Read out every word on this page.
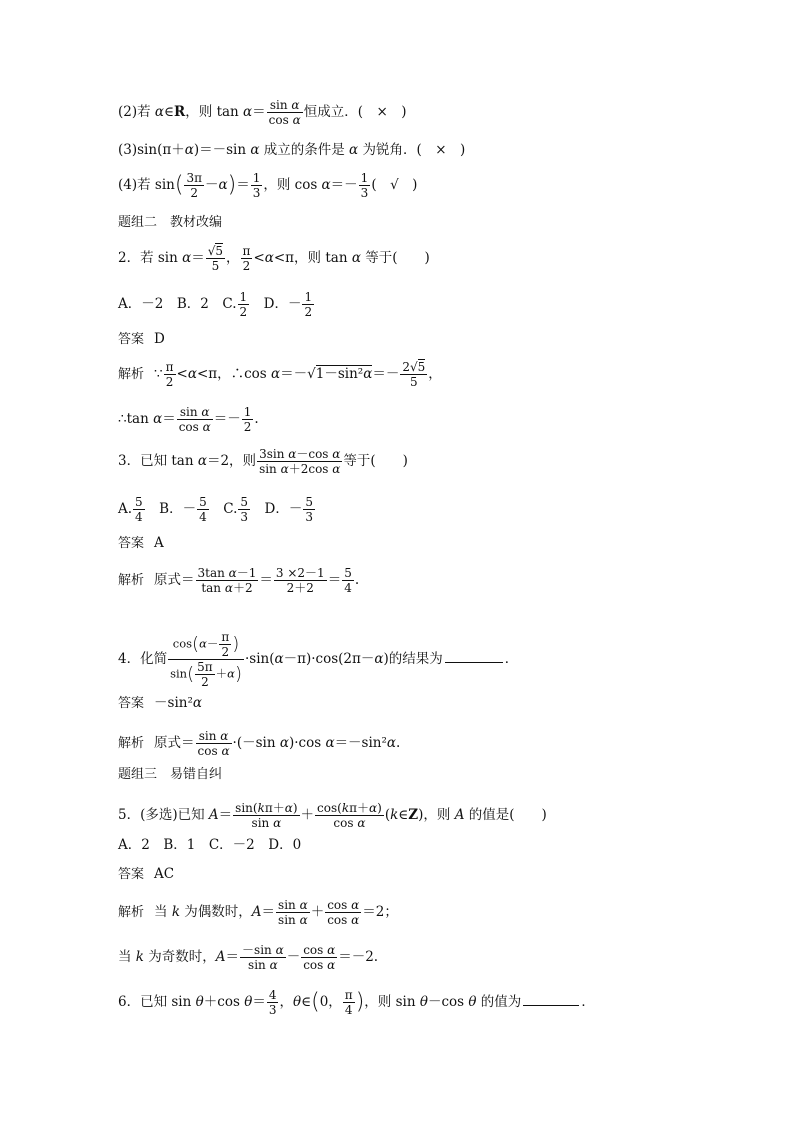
(2)若 α∈R，则 $\tan \alpha= \frac{\text{sin α}}{\text{cos α}}$ 恒成立．(　×　)
(3)sin(π＋α)＝－sin α 成立的条件是 α 为锐角．(　×　)
(4)若 $\sin( \frac{3\pi}{2} -\alpha)= \frac{1}{3}$ ，则 $\cos \alpha=- \frac{1}{3}$ (　√　)
题组二　教材改编
2．若 $\sin \alpha= \frac{√5}{5}$ ， $\frac{\pi}{2} <\alpha<\pi$，则 tan α 等于(　　)
A．－2　B．2　C. $\frac{1}{2}$ 　D．－ $\frac{1}{2}$
答案 D
解析 ∵ $\frac{\pi}{2} <\alpha<\pi$，∴cos $\alpha=-√1-\sin^2\alpha=- \frac{2√5}{5}$ ，
∴tan $\alpha= \frac{\text{sin α}}{\text{cos α}} =- \frac{1}{2}$ .
3．已知 tan α＝2，则 $\frac{\text{3sin α－cos α}}{\text{sin α＋2cos α}}$ 等于(　　)
A. $\frac{5}{4}$ 　B．－ $\frac{5}{4}$ 　C. $\frac{5}{3}$ 　D．－ $\frac{5}{3}$
答案 A
解析 原式＝ $\frac{\text{3tan α－1}}{\text{tan α＋2}} = \frac{3 \times 2-1}{2+2} = \frac{5}{4}$ .
4．化简 $\frac{\cos(\alpha- \frac{\pi}{2} )}{\sin( \frac{5\pi}{2} +\alpha)} \cdot\sin(\alpha-\pi)\cdot\cos(2\pi-\alpha)$的结果为	．
答案 －sin²α
解析 原式＝ $\frac{\text{sin α}}{\text{cos α}} \cdot(-\sin$ α)·cos α＝－sin²α.
题组三　易错自纠
5．(多选)已知 $A= \frac{\sin(k\pi+\alpha)}{\text{sin α}} + \frac{\cos(k\pi+\alpha)}{\text{cos α}}$ (k∈Z)，则 A 的值是(　　)
A．2　B．1　C．－2　D．0
答案 AC
解析 当 k 为偶数时，$A= \frac{\text{sin α}}{\text{sin α}} + \frac{\text{cos α}}{\text{cos α}} =2$；
当 k 为奇数时，$A= \frac{\text{－sin α}}{\text{sin α}} - \frac{\text{cos α}}{\text{cos α}} =-2$.
6．已知 sin θ＋cos $\theta= \frac{4}{3}$ ，θ∈(0， $\frac{\pi}{4}$ )，则 sin θ－cos θ 的值为	．
